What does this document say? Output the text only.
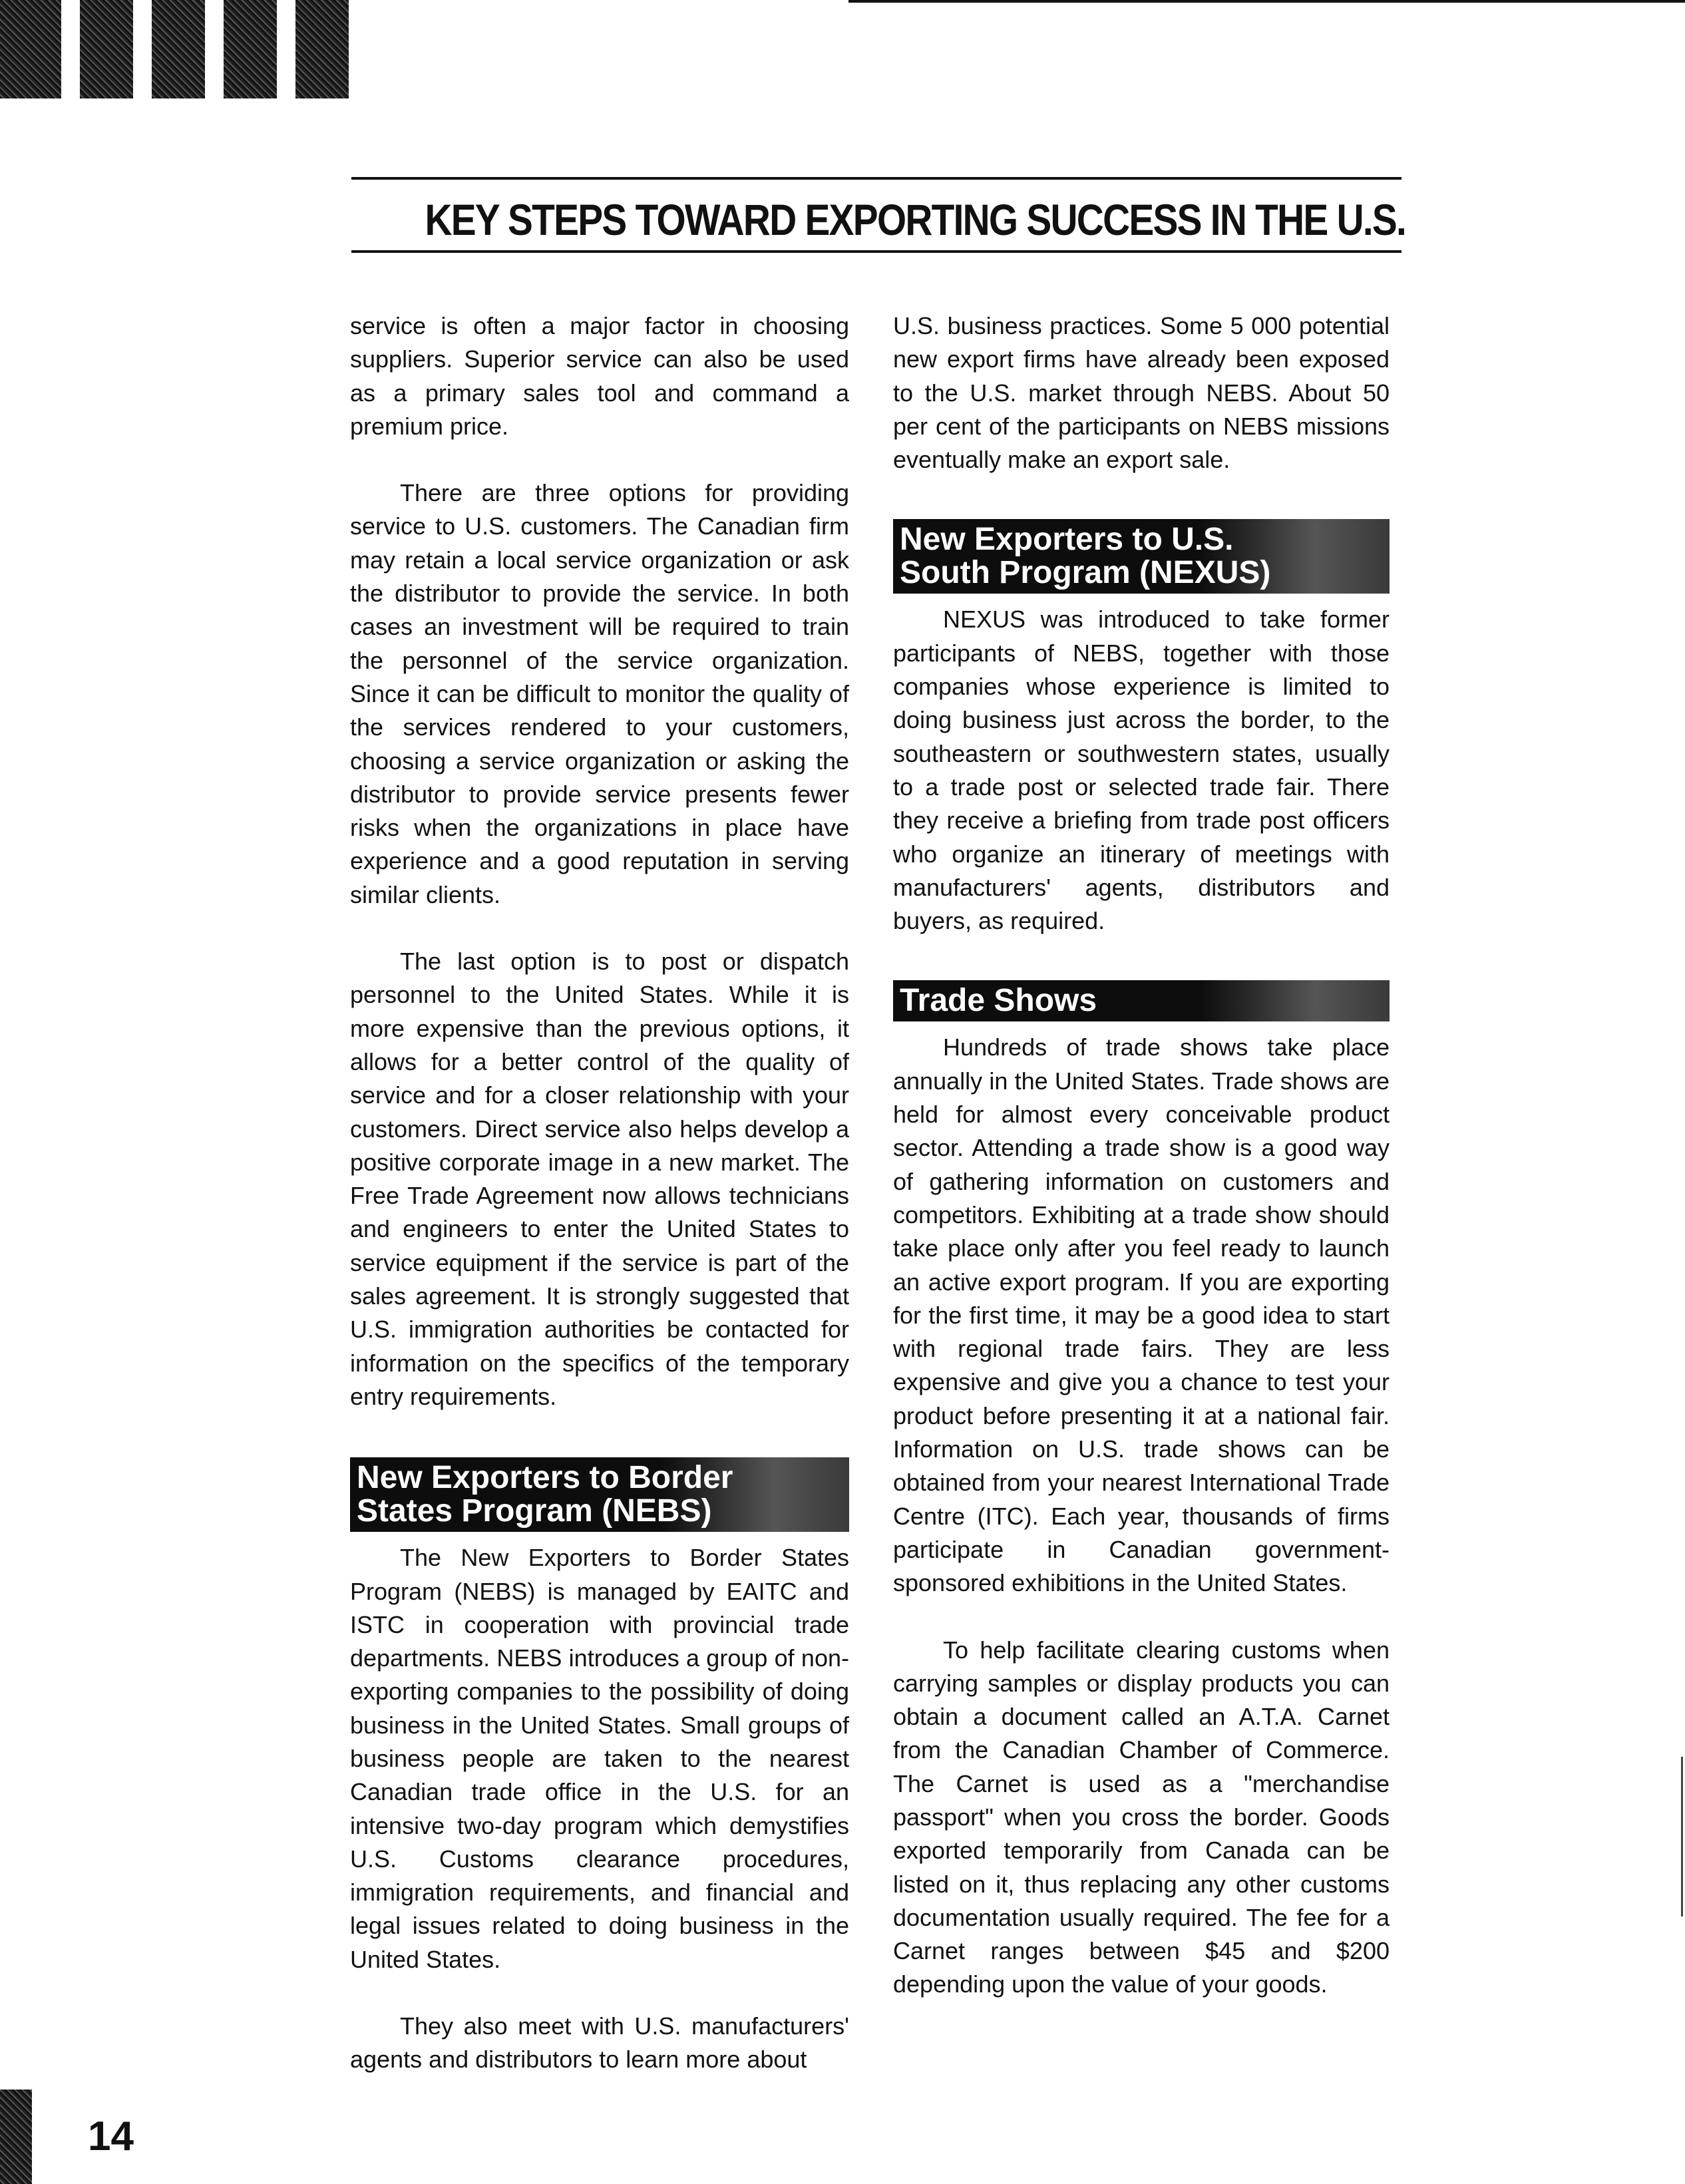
KEY STEPS TOWARD EXPORTING SUCCESS IN THE U.S.

service is often a major factor in choosing suppliers. Superior service can also be used as a primary sales tool and command a premium price.

There are three options for providing service to U.S. customers. The Canadian firm may retain a local service organization or ask the distributor to provide the service. In both cases an investment will be required to train the personnel of the service organization. Since it can be difficult to monitor the quality of the services rendered to your customers, choosing a service organization or asking the distributor to provide service presents fewer risks when the organizations in place have experience and a good reputation in serving similar clients.

The last option is to post or dispatch personnel to the United States. While it is more expensive than the previous options, it allows for a better control of the quality of service and for a closer relationship with your customers. Direct service also helps develop a positive corporate image in a new market. The Free Trade Agreement now allows technicians and engineers to enter the United States to service equipment if the service is part of the sales agreement. It is strongly suggested that U.S. immigration authorities be contacted for information on the specifics of the temporary entry requirements.

New Exporters to Border
States Program (NEBS)

The New Exporters to Border States Program (NEBS) is managed by EAITC and ISTC in cooperation with provincial trade departments. NEBS introduces a group of non-exporting companies to the possibility of doing business in the United States. Small groups of business people are taken to the nearest Canadian trade office in the U.S. for an intensive two-day program which demystifies U.S. Customs clearance procedures, immigration requirements, and financial and legal issues related to doing business in the United States.

They also meet with U.S. manufacturers' agents and distributors to learn more about

U.S. business practices. Some 5 000 potential new export firms have already been exposed to the U.S. market through NEBS. About 50 per cent of the participants on NEBS missions eventually make an export sale.

New Exporters to U.S.
South Program (NEXUS)

NEXUS was introduced to take former participants of NEBS, together with those companies whose experience is limited to doing business just across the border, to the southeastern or southwestern states, usually to a trade post or selected trade fair. There they receive a briefing from trade post officers who organize an itinerary of meetings with manufacturers' agents, distributors and buyers, as required.

Trade Shows

Hundreds of trade shows take place annually in the United States. Trade shows are held for almost every conceivable product sector. Attending a trade show is a good way of gathering information on customers and competitors. Exhibiting at a trade show should take place only after you feel ready to launch an active export program. If you are exporting for the first time, it may be a good idea to start with regional trade fairs. They are less expensive and give you a chance to test your product before presenting it at a national fair. Information on U.S. trade shows can be obtained from your nearest International Trade Centre (ITC). Each year, thousands of firms participate in Canadian government-sponsored exhibitions in the United States.

To help facilitate clearing customs when carrying samples or display products you can obtain a document called an A.T.A. Carnet from the Canadian Chamber of Commerce. The Carnet is used as a "merchandise passport" when you cross the border. Goods exported temporarily from Canada can be listed on it, thus replacing any other customs documentation usually required. The fee for a Carnet ranges between $45 and $200 depending upon the value of your goods.

14
